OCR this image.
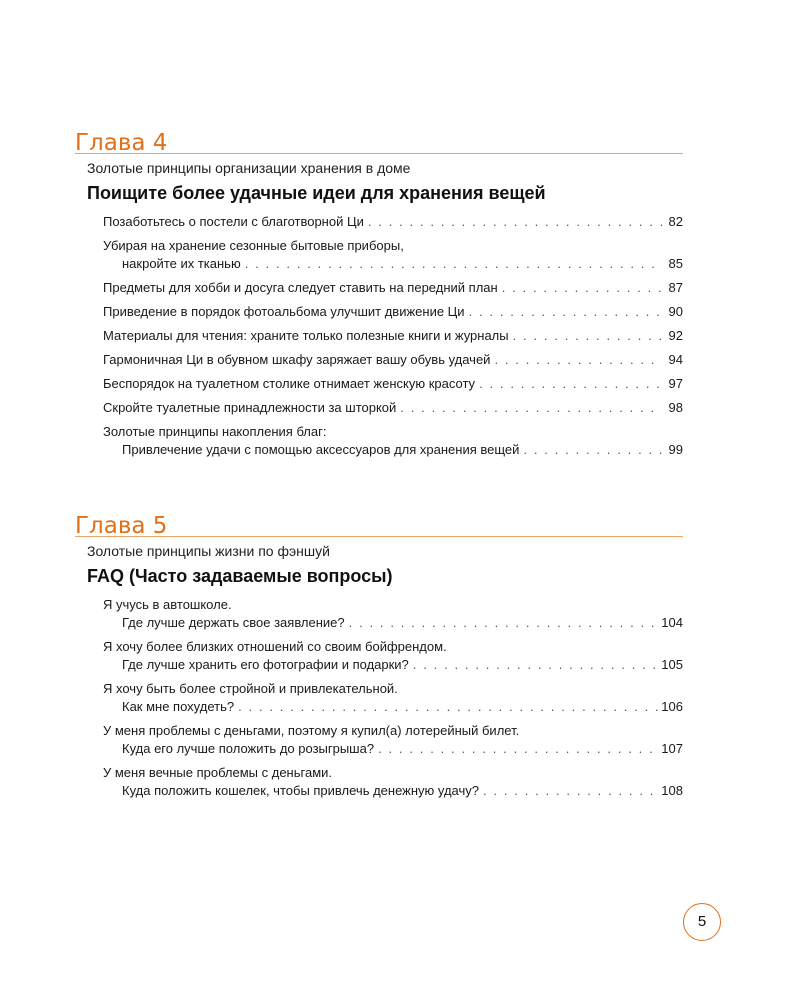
Глава 4
Золотые принципы организации хранения в доме
Поищите более удачные идеи для хранения вещей
Позаботьтесь о постели с благотворной Ци . . .	82
Убирая на хранение сезонные бытовые приборы,
накройте их тканью . . .	85
Предметы для хобби и досуга следует ставить на передний план . . .	87
Приведение в порядок фотоальбома улучшит движение Ци . . .	90
Материалы для чтения: храните только полезные книги и журналы . . .	92
Гармоничная Ци в обувном шкафу заряжает вашу обувь удачей . . .	94
Беспорядок на туалетном столике отнимает женскую красоту . . .	97
Скройте туалетные принадлежности за шторкой . . .	98
Золотые принципы накопления благ:
Привлечение удачи с помощью аксессуаров для хранения вещей . . .	99
Глава 5
Золотые принципы жизни по фэншуй
FAQ (Часто задаваемые вопросы)
Я учусь в автошколе.
Где лучше держать свое заявление? . . .	104
Я хочу более близких отношений со своим бойфрендом.
Где лучше хранить его фотографии и подарки? . . .	105
Я хочу быть более стройной и привлекательной.
Как мне похудеть? . . .	106
У меня проблемы с деньгами, поэтому я купил(а) лотерейный билет.
Куда его лучше положить до розыгрыша? . . .	107
У меня вечные проблемы с деньгами.
Куда положить кошелек, чтобы привлечь денежную удачу? . . .	108
5
